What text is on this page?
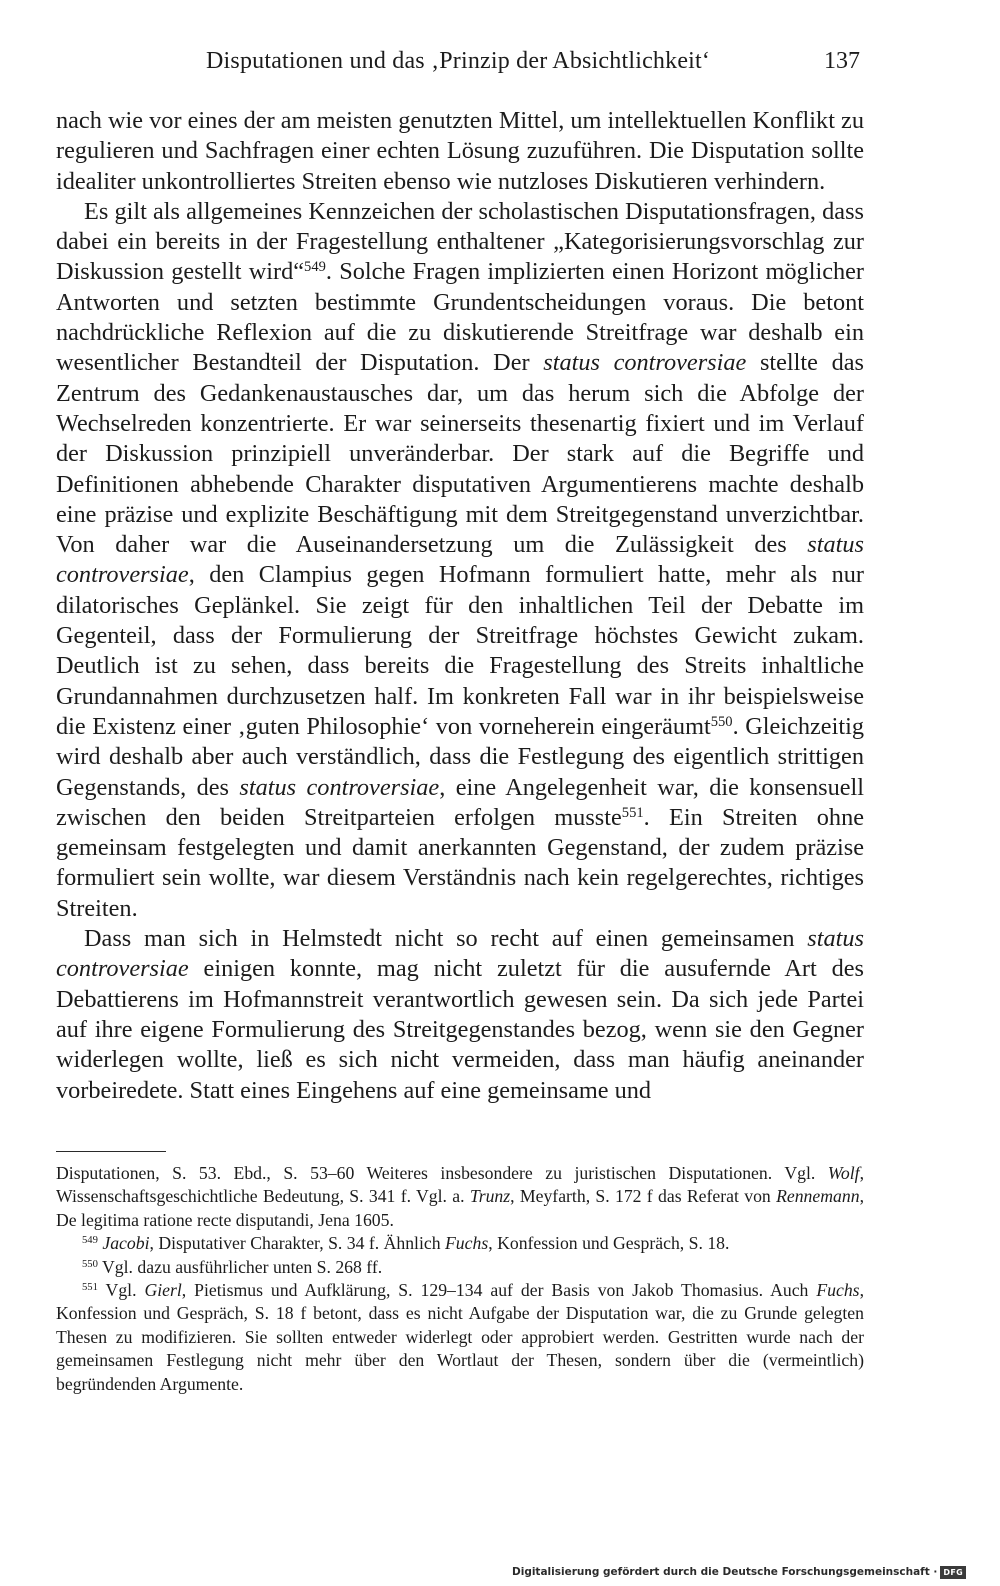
Disputationen und das ‚Prinzip der Absichtlichkeit‘	137

nach wie vor eines der am meisten genutzten Mittel, um intellektuellen Konflikt zu regulieren und Sachfragen einer echten Lösung zuzuführen. Die Disputation sollte idealiter unkontrolliertes Streiten ebenso wie nutzloses Diskutieren verhindern.

Es gilt als allgemeines Kennzeichen der scholastischen Disputationsfragen, dass dabei ein bereits in der Fragestellung enthaltener „Kategorisierungsvorschlag zur Diskussion gestellt wird“$^{549}$. Solche Fragen implizierten einen Horizont möglicher Antworten und setzten bestimmte Grundentscheidungen voraus. Die betont nachdrückliche Reflexion auf die zu diskutierende Streitfrage war deshalb ein wesentlicher Bestandteil der Disputation. Der status controversiae stellte das Zentrum des Gedankenaustausches dar, um das herum sich die Abfolge der Wechselreden konzentrierte. Er war seinerseits thesenartig fixiert und im Verlauf der Diskussion prinzipiell unveränderbar. Der stark auf die Begriffe und Definitionen abhebende Charakter disputativen Argumentierens machte deshalb eine präzise und explizite Beschäftigung mit dem Streitgegenstand unverzichtbar. Von daher war die Auseinandersetzung um die Zulässigkeit des status controversiae, den Clampius gegen Hofmann formuliert hatte, mehr als nur dilatorisches Geplänkel. Sie zeigt für den inhaltlichen Teil der Debatte im Gegenteil, dass der Formulierung der Streitfrage höchstes Gewicht zukam. Deutlich ist zu sehen, dass bereits die Fragestellung des Streits inhaltliche Grundannahmen durchzusetzen half. Im konkreten Fall war in ihr beispielsweise die Existenz einer ‚guten Philosophie‘ von vorneherein eingeräumt$^{550}$. Gleichzeitig wird deshalb aber auch verständlich, dass die Festlegung des eigentlich strittigen Gegenstands, des status controversiae, eine Angelegenheit war, die konsensuell zwischen den beiden Streitparteien erfolgen musste$^{551}$. Ein Streiten ohne gemeinsam festgelegten und damit anerkannten Gegenstand, der zudem präzise formuliert sein wollte, war diesem Verständnis nach kein regelgerechtes, richtiges Streiten.

Dass man sich in Helmstedt nicht so recht auf einen gemeinsamen status controversiae einigen konnte, mag nicht zuletzt für die ausufernde Art des Debattierens im Hofmannstreit verantwortlich gewesen sein. Da sich jede Partei auf ihre eigene Formulierung des Streitgegenstandes bezog, wenn sie den Gegner widerlegen wollte, ließ es sich nicht vermeiden, dass man häufig aneinander vorbeiredete. Statt eines Eingehens auf eine gemeinsame und

Disputationen, S. 53. Ebd., S. 53–60 Weiteres insbesondere zu juristischen Disputationen. Vgl. Wolf, Wissenschaftsgeschichtliche Bedeutung, S. 341 f. Vgl. a. Trunz, Meyfarth, S. 172 f das Referat von Rennemann, De legitima ratione recte disputandi, Jena 1605.

$^{549}$ Jacobi, Disputativer Charakter, S. 34 f. Ähnlich Fuchs, Konfession und Gespräch, S. 18.

$^{550}$ Vgl. dazu ausführlicher unten S. 268 ff.

$^{551}$ Vgl. Gierl, Pietismus und Aufklärung, S. 129–134 auf der Basis von Jakob Thomasius. Auch Fuchs, Konfession und Gespräch, S. 18 f betont, dass es nicht Aufgabe der Disputation war, die zu Grunde gelegten Thesen zu modifizieren. Sie sollten entweder widerlegt oder approbiert werden. Gestritten wurde nach der gemeinsamen Festlegung nicht mehr über den Wortlaut der Thesen, sondern über die (vermeintlich) begründenden Argumente.

Digitalisierung gefördert durch die Deutsche Forschungsgemeinschaft · DFG
